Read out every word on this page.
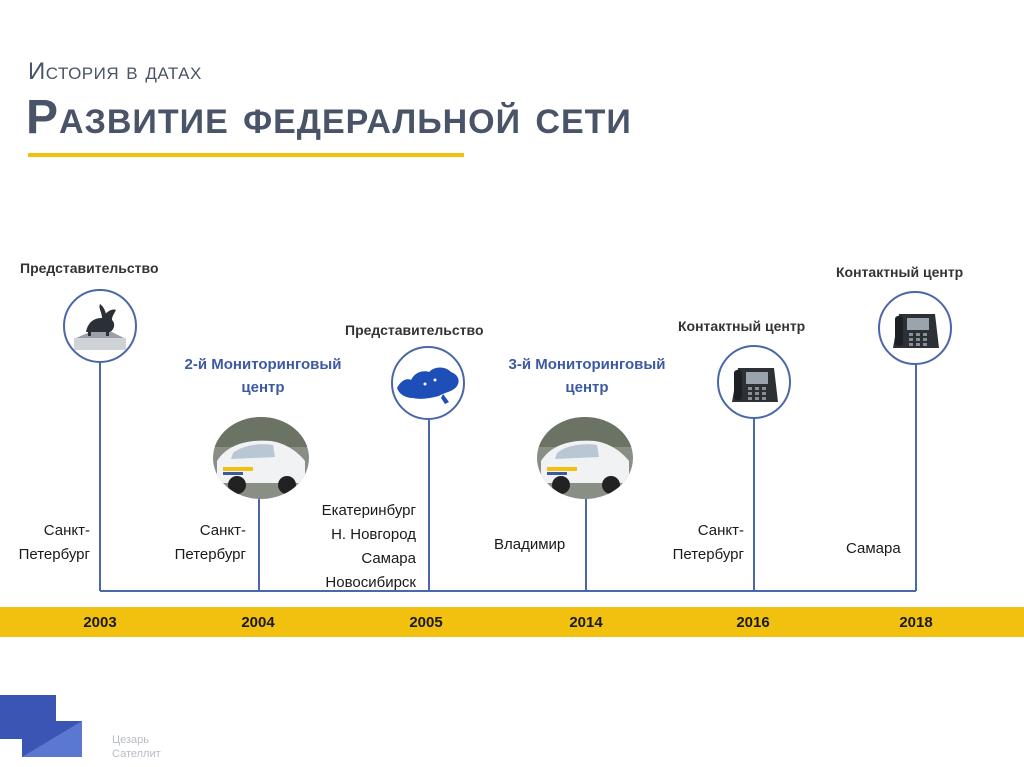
История в датах
Развитие федеральной сети
Представительство
Санкт-
Петербург
2-й Мониторинговый
центр
Санкт-
Петербург
Представительство
Екатеринбург
Н. Новгород
Самара
Новосибирск
3-й Мониторинговый
центр
Владимир
Контактный центр
Санкт-
Петербург
Контактный центр
Самара
2003	2004	2005	2014	2016	2018
Цезарь
Сателлит
